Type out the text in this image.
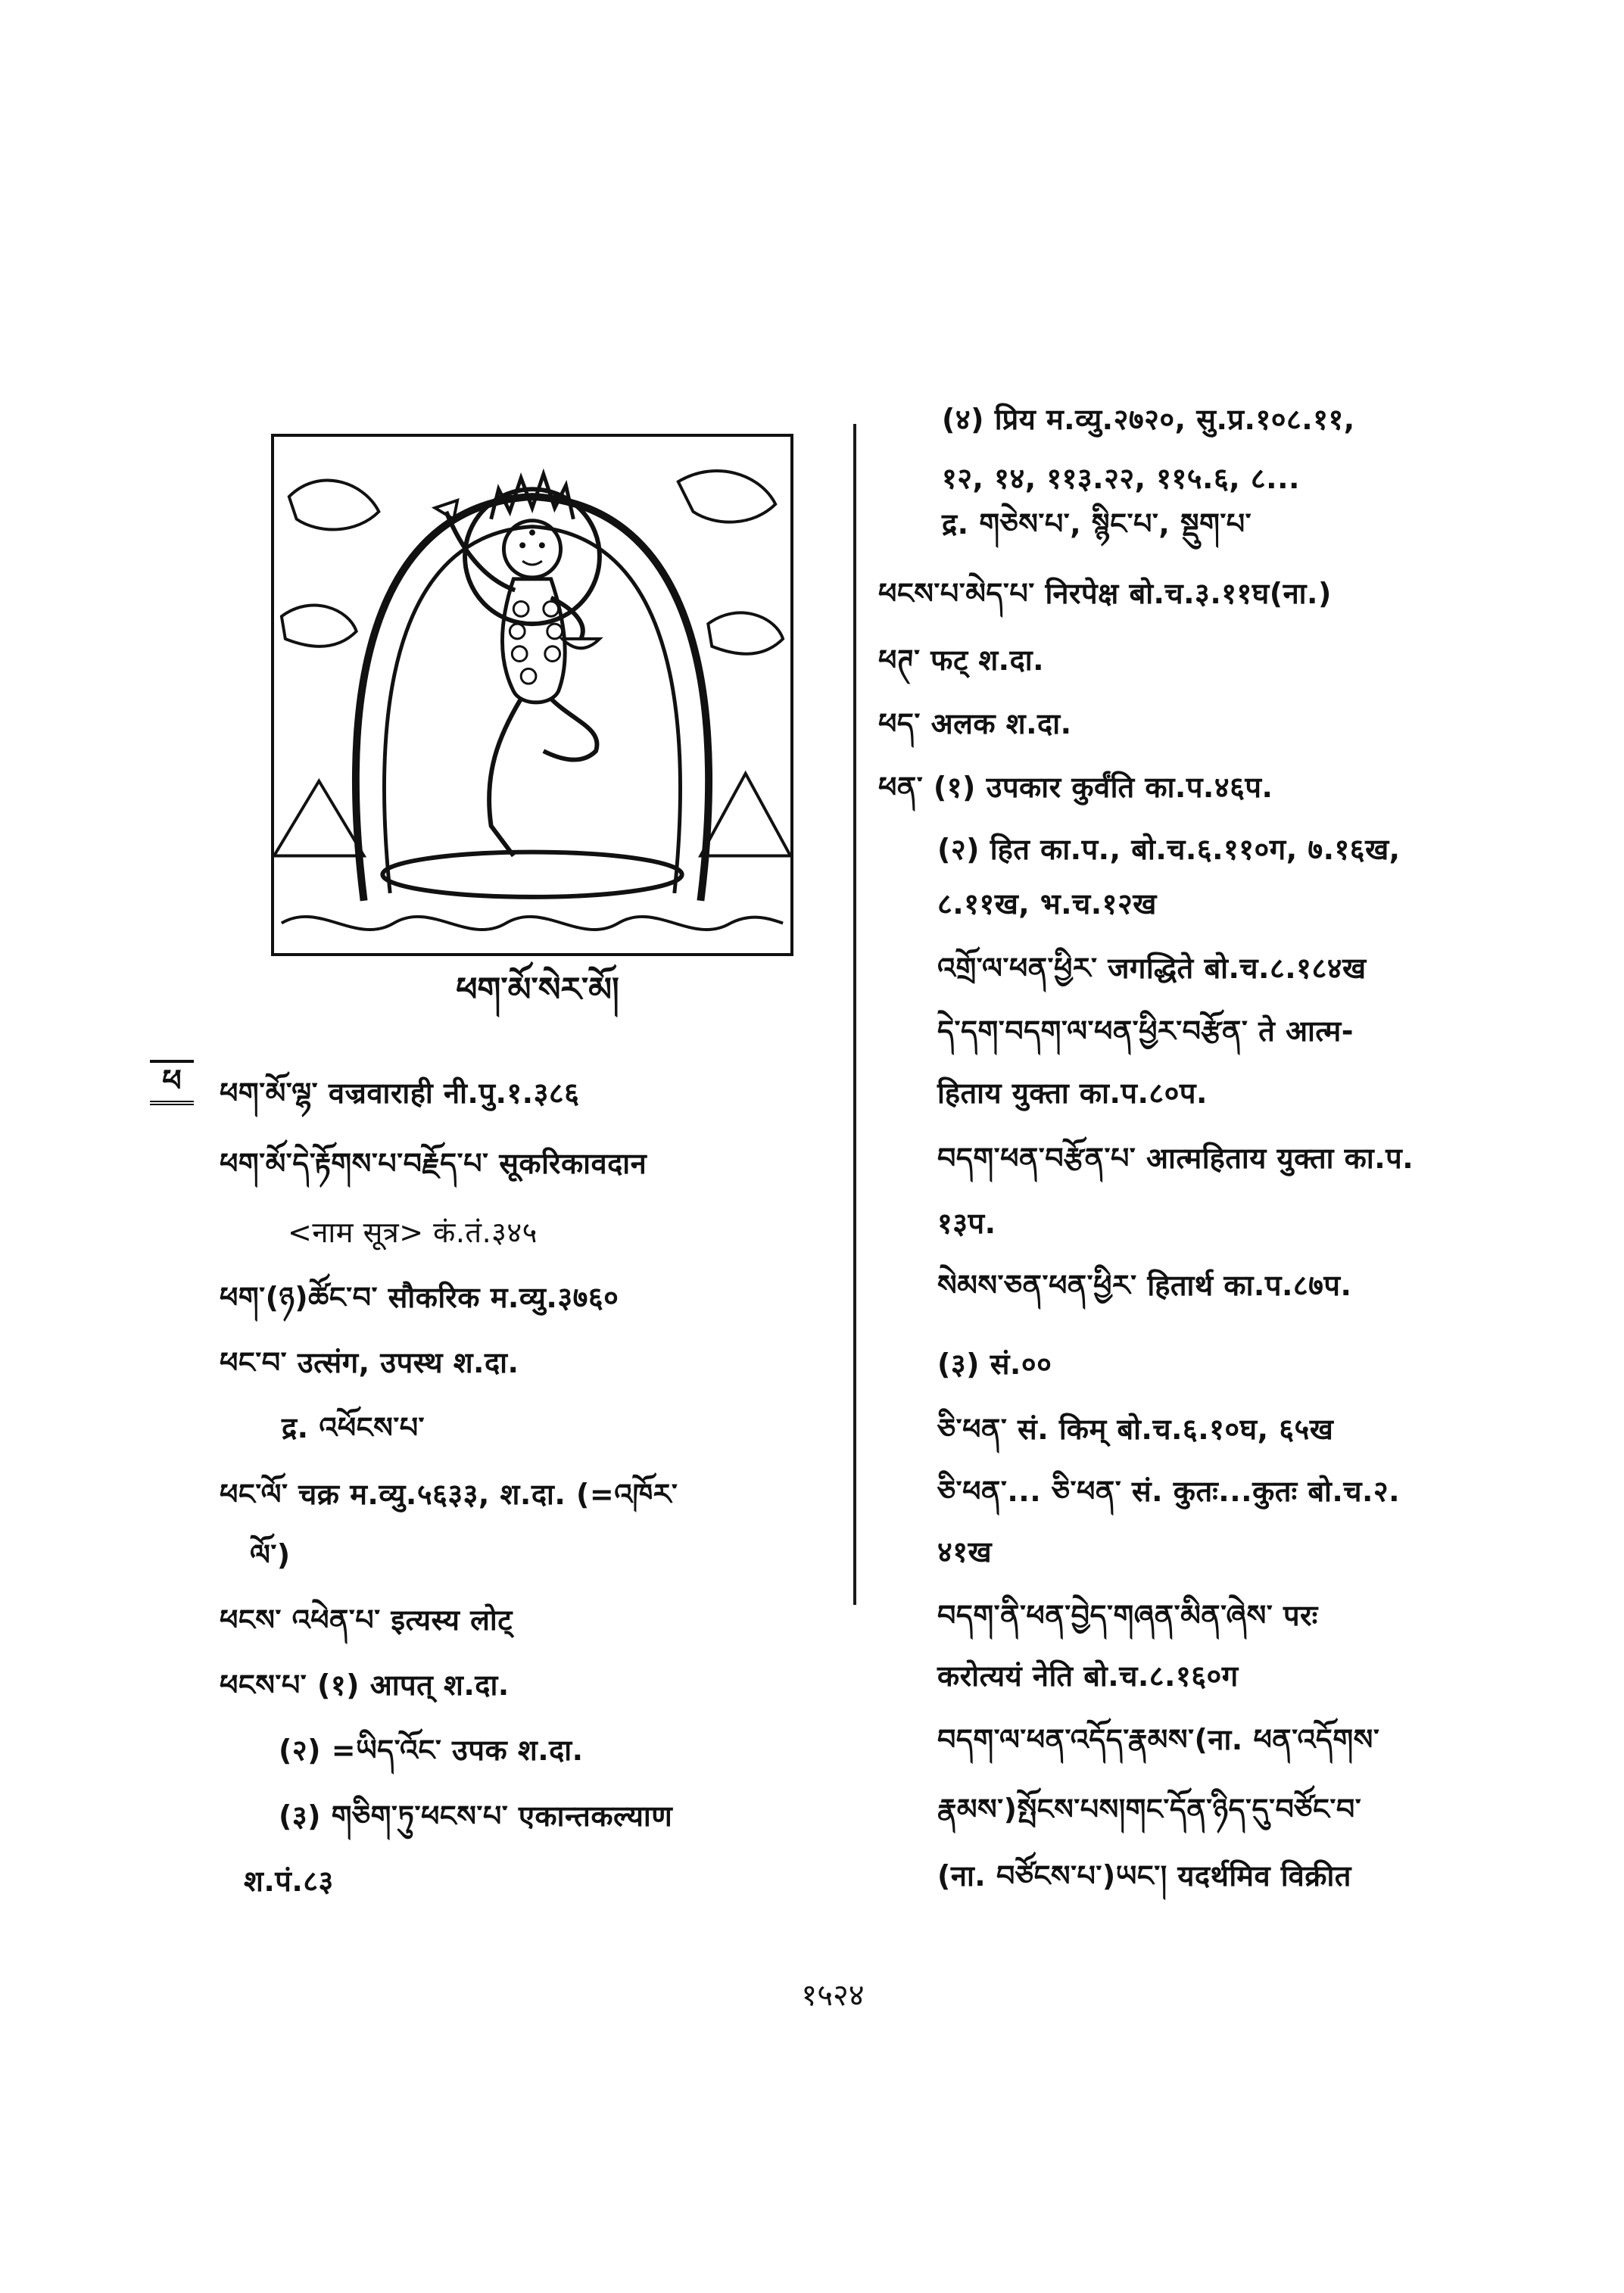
ཕག་མོ་སེར་མོ།
ཕ	ཕག་མོ་ལྷ་ वज्रवाराही नी.पु.१.३८६
ཕག་མོ་དེ་རྟོགས་པ་བརྗོད་པ་ सूकरिकावदान
<नाम सूत्र> कं.तं.३४५
ཕག་(ཉ)ཚོང་བ་ सौकरिक म.व्यु.३७६०
ཕང་བ་ उत्संग, उपस्थ श.दा.
द्र. འཕོངས་པ་
ཕང་ལོ་ चक्र म.व्यु.५६३३, श.दा. (=འཁོར་
ལོ་)
ཕངས་ འཕེན་པ་ इत्यस्य लोट्
ཕངས་པ་ (१) आपत् श.दा.
(२) =ཡིད་འོང་ उपक श.दा.
(३) གཅིག་ཏུ་ཕངས་པ་ एकान्तकल्याण
श.पं.८३
(४) प्रिय म.व्यु.२७२०, सु.प्र.१०८.११,
१२, १४, ११३.२२, ११५.६, ८...
द्र. གཅེས་པ་, སྙིང་པ་, སྡུག་པ་
ཕངས་པ་མེད་པ་ निरपेक्ष बो.च.३.११घ(ना.)
ཕཊ་ फट् श.दा.
ཕད་ अलक श.दा.
ཕན་ (१) उपकार कुर्वंति का.प.४६प.
(२) हित का.प., बो.च.६.११०ग, ७.१६ख,
८.११ख, भ.च.१२ख
འགྲོ་ལ་ཕན་ཕྱིར་ जगद्धिते बो.च.८.१८४ख
དེ་དག་བདག་ལ་ཕན་ཕྱིར་བརྩོན་ ते आत्म-
हिताय युक्ता का.प.८०प.
བདག་ཕན་བརྩོན་པ་ आत्महिताय युक्ता का.प.
१३प.
སེམས་ཅན་ཕན་ཕྱིར་ हितार्थ का.प.८७प.
(३) सं.००
ཅི་ཕན་ सं. किम् बो.च.६.१०घ, ६५ख
ཅི་ཕན་... ཅི་ཕན་ सं. कुतः...कुतः बो.च.२.
४१ख
བདག་ནི་ཕན་བྱེད་གཞན་མིན་ཞེས་ परः
करोत्ययं नेति बो.च.८.१६०ग
བདག་ལ་ཕན་འདོད་རྣམས་(ना. ཕན་འདོགས་
རྣམས་)སྤོངས་པས།གང་དོན་ཉིད་དུ་བཙོང་བ་
(ना. བཙོངས་པ་)ཡང་། यदर्थमिव विक्रीत
१५२४
